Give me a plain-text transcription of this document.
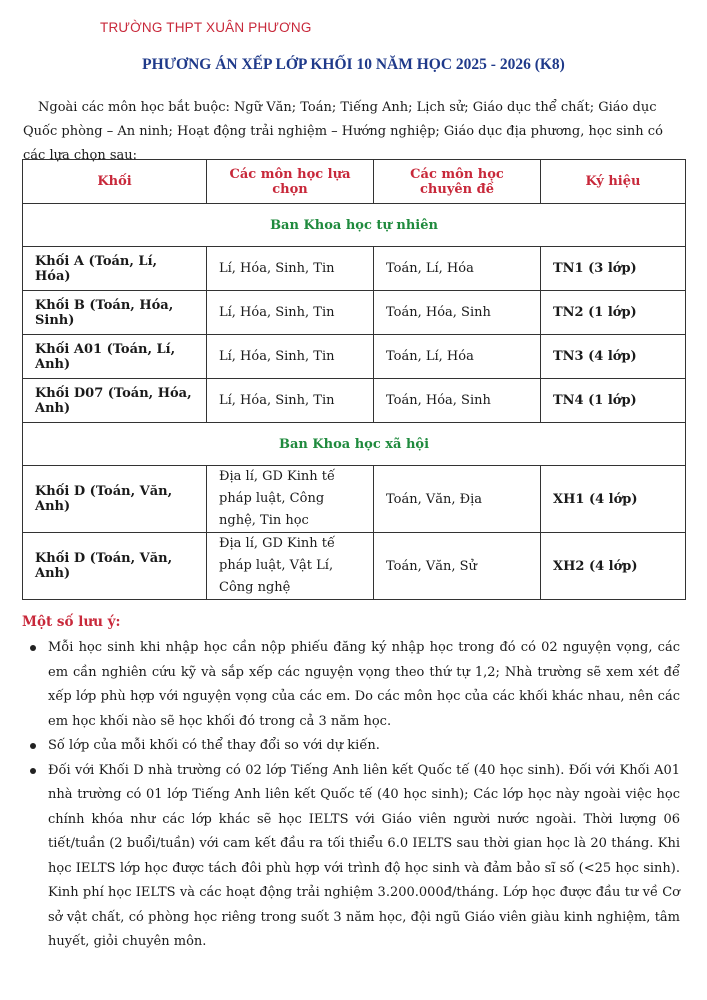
TRƯỜNG THPT XUÂN PHƯƠNG
PHƯƠNG ÁN XẾP LỚP KHỐI 10 NĂM HỌC 2025 - 2026 (K8)
Ngoài các môn học bắt buộc: Ngữ Văn; Toán; Tiếng Anh; Lịch sử; Giáo dục thể chất; Giáo dục Quốc phòng – An ninh; Hoạt động trải nghiệm – Hướng nghiệp; Giáo dục địa phương, học sinh có các lựa chọn sau:
Khối	Các môn học lựa chọn	Các môn học chuyên đề	Ký hiệu
Ban Khoa học tự nhiên			
Khối A (Toán, Lí, Hóa)	Lí, Hóa, Sinh, Tin	Toán, Lí, Hóa	TN1 (3 lớp)
Khối B (Toán, Hóa, Sinh)	Lí, Hóa, Sinh, Tin	Toán, Hóa, Sinh	TN2 (1 lớp)
Khối A01 (Toán, Lí, Anh)	Lí, Hóa, Sinh, Tin	Toán, Lí, Hóa	TN3 (4 lớp)
Khối D07 (Toán, Hóa, Anh)	Lí, Hóa, Sinh, Tin	Toán, Hóa, Sinh	TN4 (1 lớp)
Ban Khoa học xã hội			
Khối D (Toán, Văn, Anh)	Địa lí, GD Kinh tế pháp luật, Công nghệ, Tin học	Toán, Văn, Địa	XH1 (4 lớp)
Khối D (Toán, Văn, Anh)	Địa lí, GD Kinh tế pháp luật, Vật Lí, Công nghệ	Toán, Văn, Sử	XH2 (4 lớp)
Một số lưu ý:
Mỗi học sinh khi nhập học cần nộp phiếu đăng ký nhập học trong đó có 02 nguyện vọng, các em cần nghiên cứu kỹ và sắp xếp các nguyện vọng theo thứ tự 1,2; Nhà trường sẽ xem xét để xếp lớp phù hợp với nguyện vọng của các em. Do các môn học của các khối khác nhau, nên các em học khối nào sẽ học khối đó trong cả 3 năm học.
Số lớp của mỗi khối có thể thay đổi so với dự kiến.
Đối với Khối D nhà trường có 02 lớp Tiếng Anh liên kết Quốc tế (40 học sinh). Đối với Khối A01 nhà trường có 01 lớp Tiếng Anh liên kết Quốc tế (40 học sinh); Các lớp học này ngoài việc học chính khóa như các lớp khác sẽ học IELTS với Giáo viên người nước ngoài. Thời lượng 06 tiết/tuần (2 buổi/tuần) với cam kết đầu ra tối thiểu 6.0 IELTS sau thời gian học là 20 tháng. Khi học IELTS lớp học được tách đôi phù hợp với trình độ học sinh và đảm bảo sĩ số (<25 học sinh). Kinh phí học IELTS và các hoạt động trải nghiệm 3.200.000đ/tháng. Lớp học được đầu tư về Cơ sở vật chất, có phòng học riêng trong suốt 3 năm học, đội ngũ Giáo viên giàu kinh nghiệm, tâm huyết, giỏi chuyên môn.
